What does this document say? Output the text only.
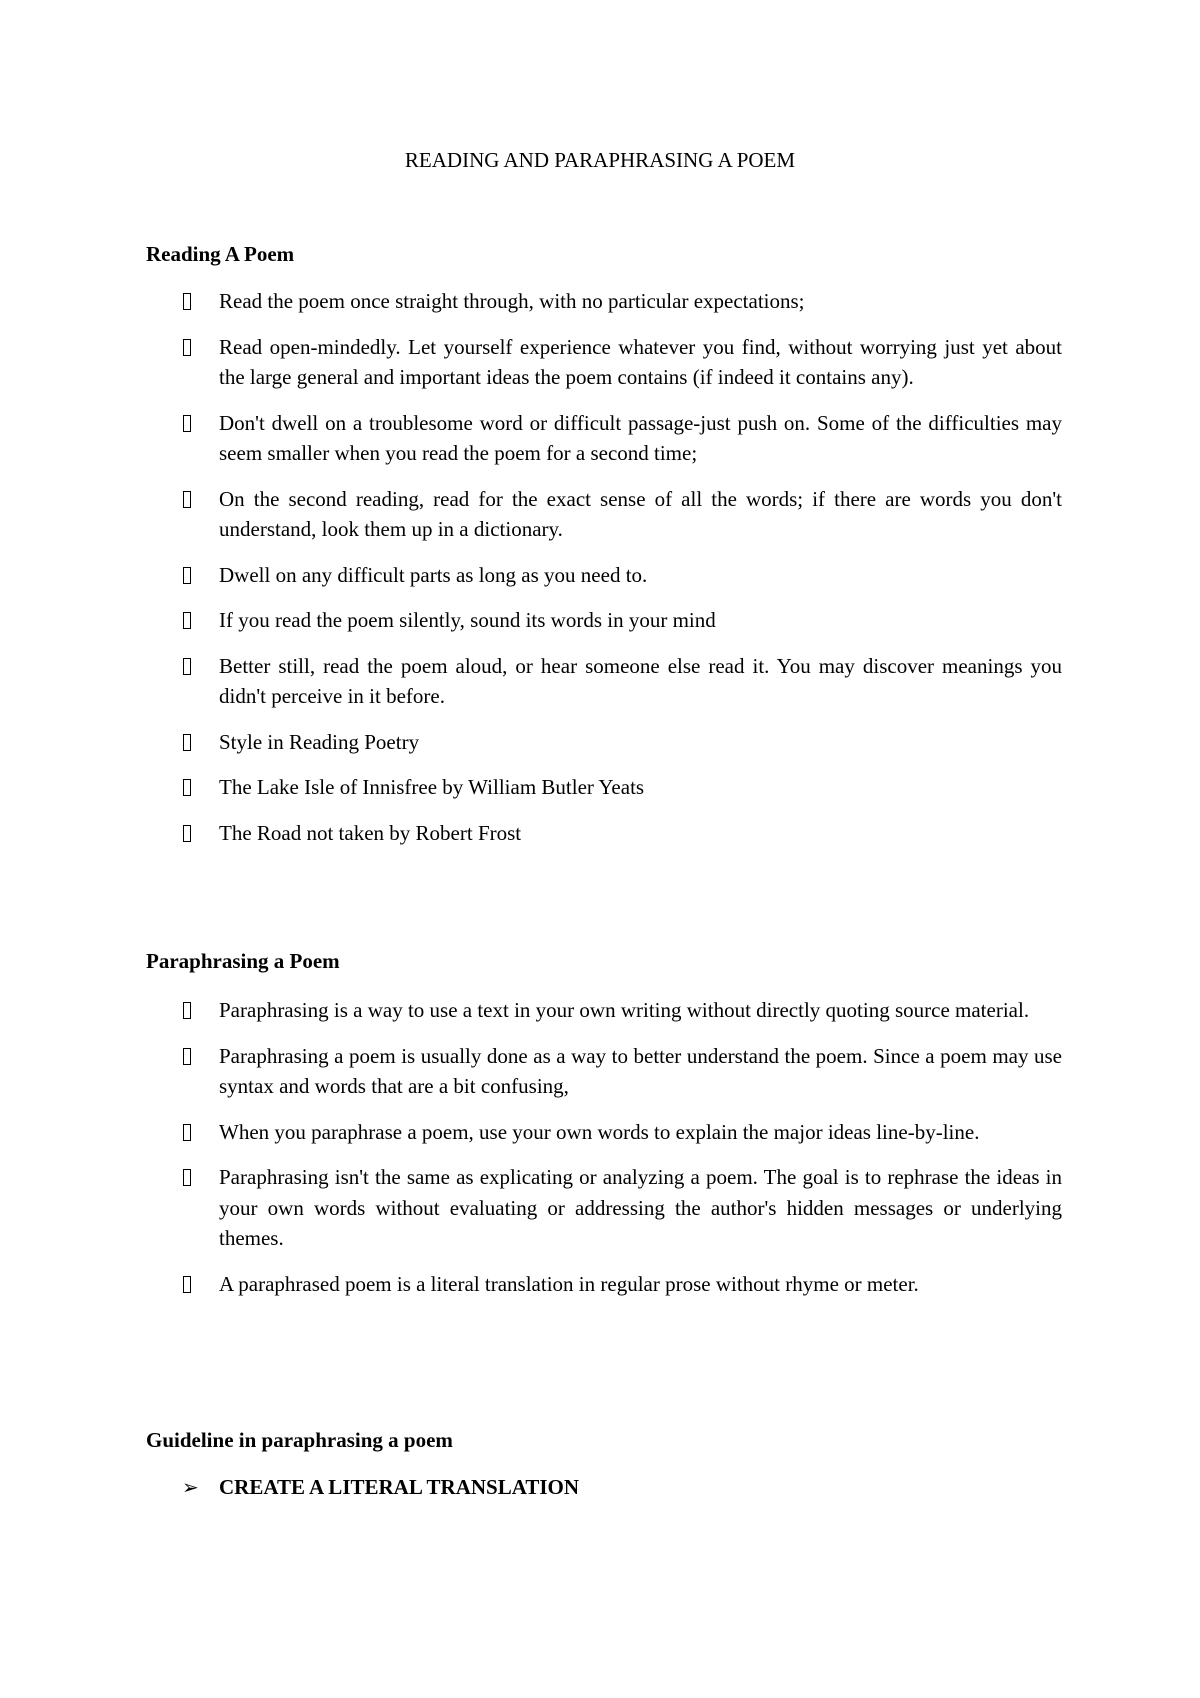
READING AND PARAPHRASING A POEM
Reading A Poem
Read the poem once straight through, with no particular expectations;
Read open-mindedly. Let yourself experience whatever you find, without worrying just yet about the large general and important ideas the poem contains (if indeed it contains any).
Don't dwell on a troublesome word or difficult passage-just push on. Some of the difficulties may seem smaller when you read the poem for a second time;
On the second reading, read for the exact sense of all the words; if there are words you don't understand, look them up in a dictionary.
Dwell on any difficult parts as long as you need to.
If you read the poem silently, sound its words in your mind
Better still, read the poem aloud, or hear someone else read it. You may discover meanings you didn't perceive in it before.
Style in Reading Poetry
The Lake Isle of Innisfree by William Butler Yeats
The Road not taken by Robert Frost
Paraphrasing a Poem
Paraphrasing is a way to use a text in your own writing without directly quoting source material.
Paraphrasing a poem is usually done as a way to better understand the poem. Since a poem may use syntax and words that are a bit confusing,
When you paraphrase a poem, use your own words to explain the major ideas line-by-line.
Paraphrasing isn't the same as explicating or analyzing a poem. The goal is to rephrase the ideas in your own words without evaluating or addressing the author's hidden messages or underlying themes.
A paraphrased poem is a literal translation in regular prose without rhyme or meter.
Guideline in paraphrasing a poem
➢ CREATE A LITERAL TRANSLATION
